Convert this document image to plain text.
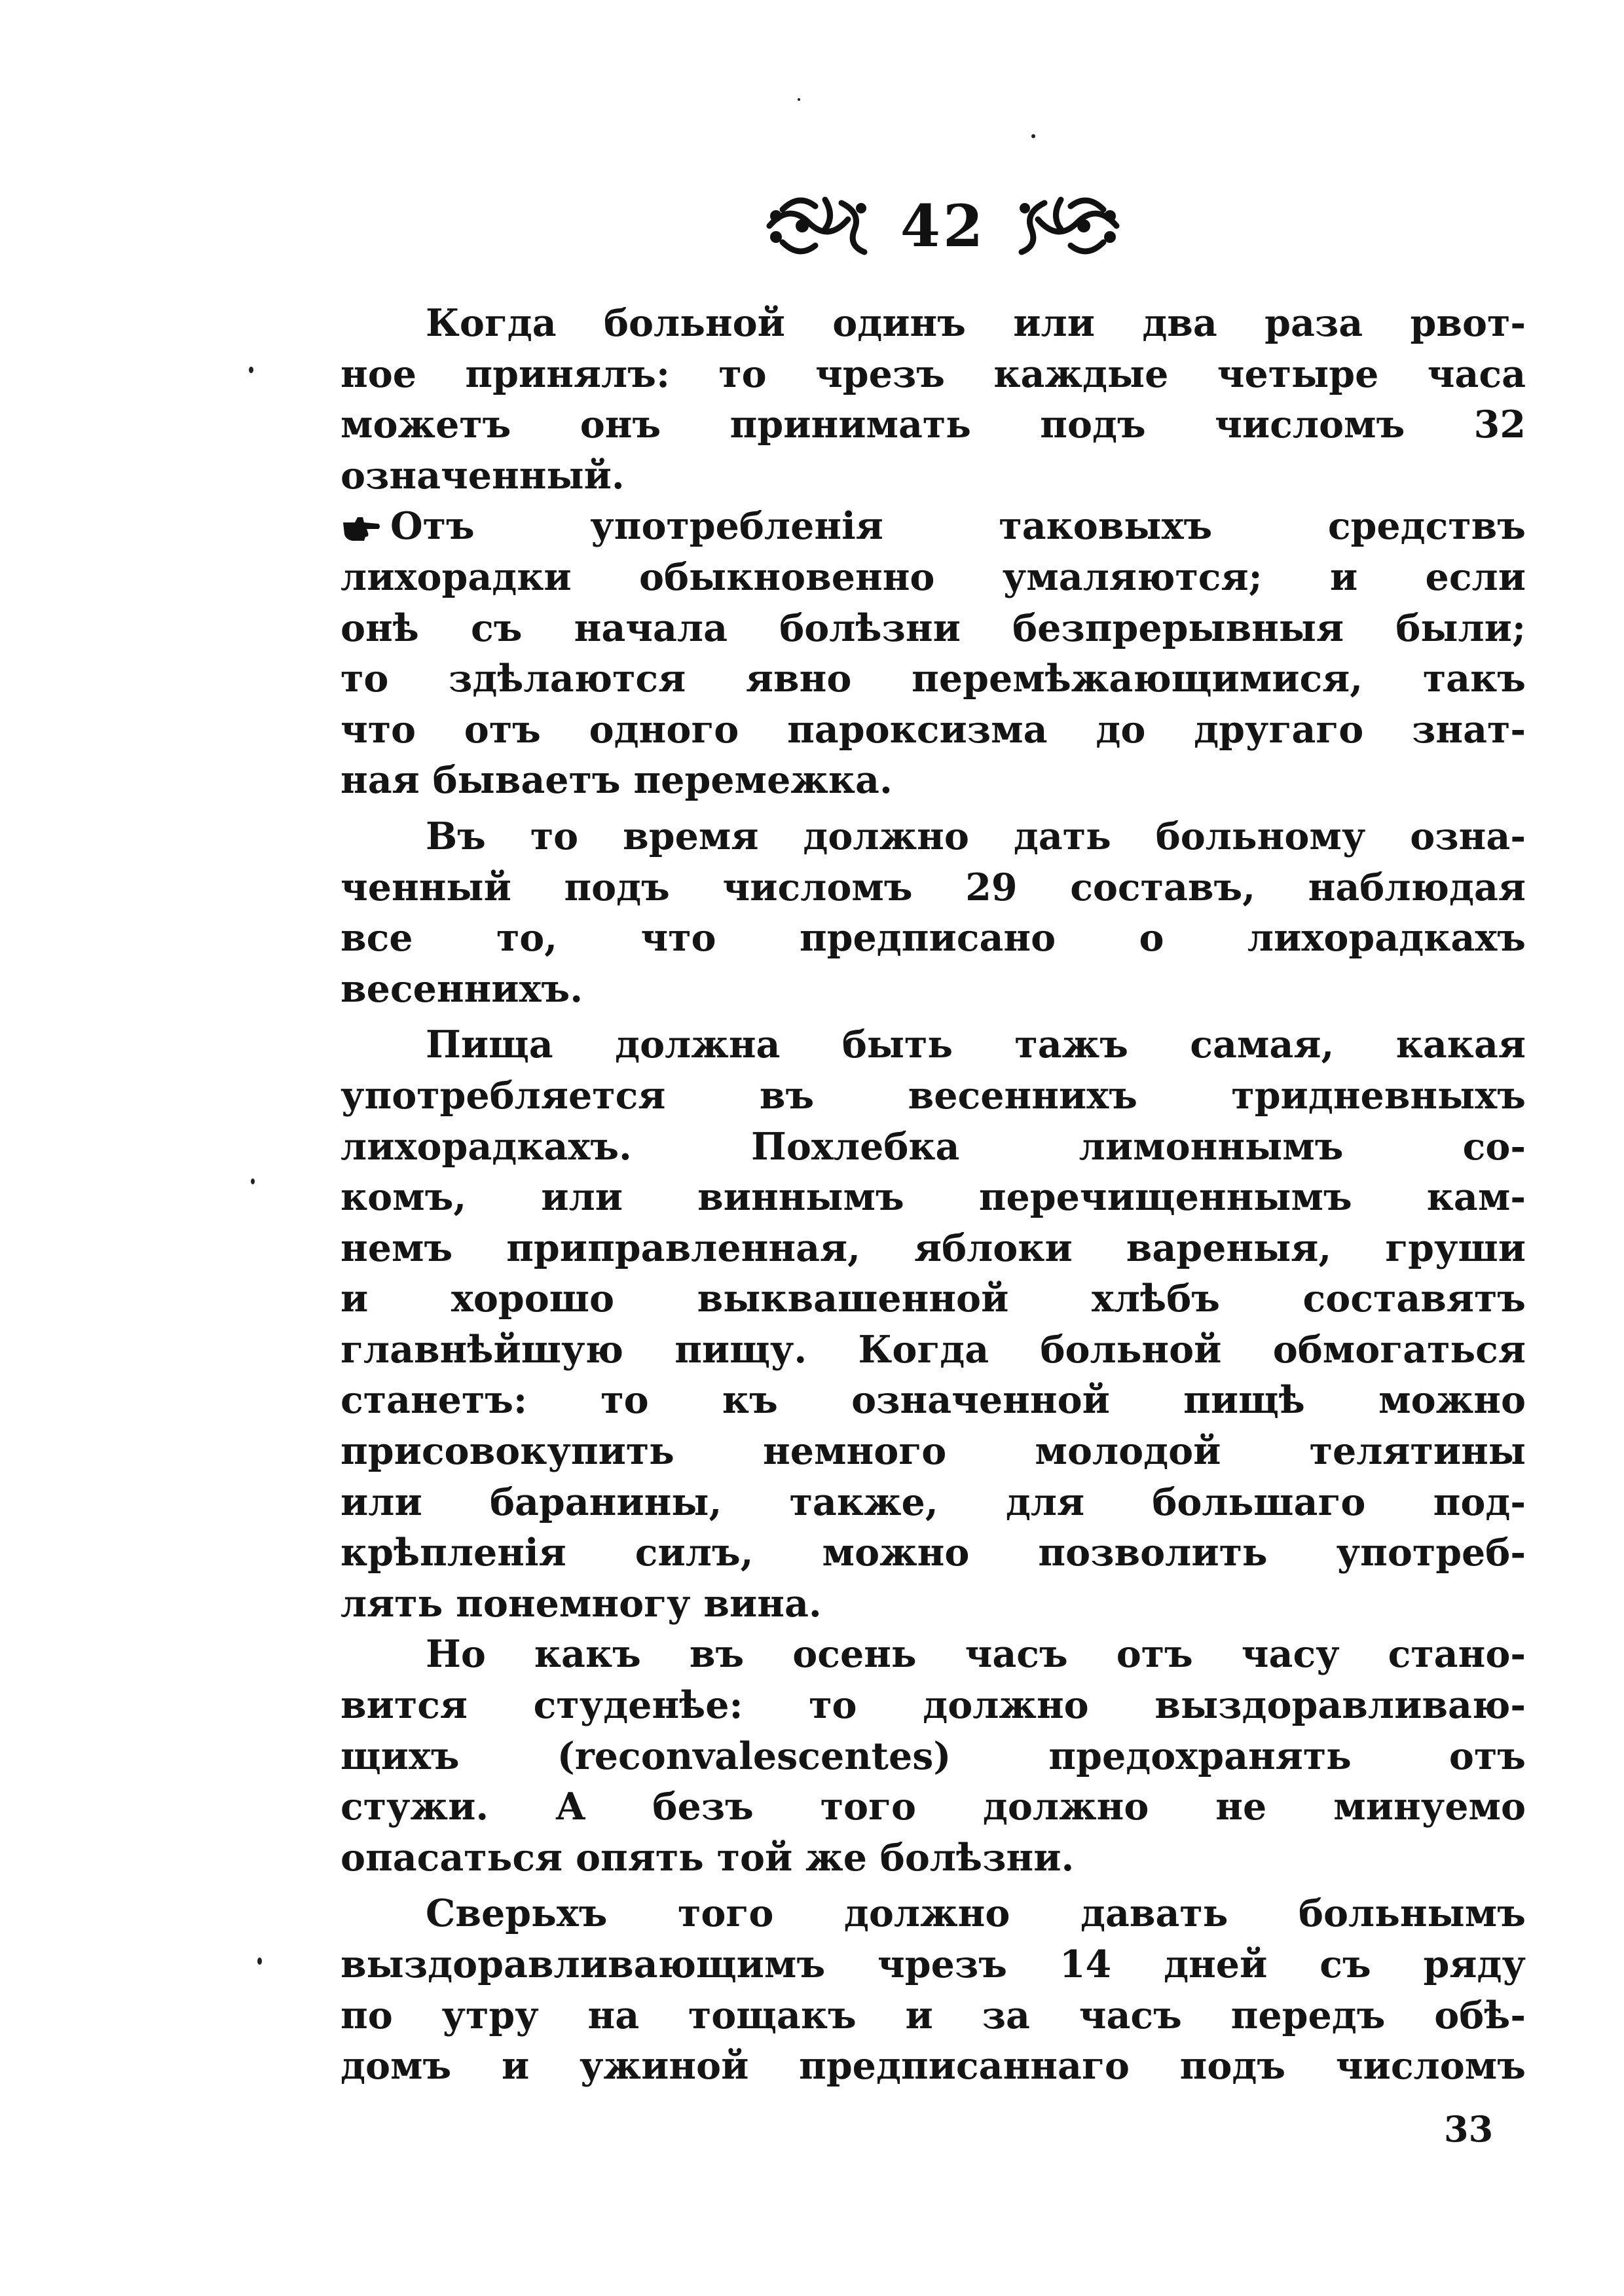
42
Когда больной одинъ или два раза рвот-
ное принялъ: то чрезъ каждые четыре часа
можетъ онъ принимать подъ числомъ 32
означенный.
Отъ употребленія таковыхъ средствъ
лихорадки обыкновенно умаляются; и если
онѣ съ начала болѣзни безпрерывныя были;
то здѣлаются явно перемѣжающимися, такъ
что отъ одного пароксизма до другаго знат-
ная бываетъ перемежка.
Въ то время должно дать больному озна-
ченный подъ числомъ 29 составъ, наблюдая
все то, что предписано о лихорадкахъ
весеннихъ.
Пища должна быть тажъ самая, какая
употребляется въ весеннихъ тридневныхъ
лихорадкахъ. Похлебка лимоннымъ со-
комъ, или виннымъ перечищеннымъ кам-
немъ приправленная, яблоки вареныя, груши
и хорошо выквашенной хлѣбъ составятъ
главнѣйшую пищу. Когда больной обмогаться
станетъ: то къ означенной пищѣ можно
присовокупить немного молодой телятины
или баранины, также, для большаго под-
крѣпленія силъ, можно позволить употреб-
лять понемногу вина.
Но какъ въ осень часъ отъ часу стано-
вится студенѣе: то должно выздоравливаю-
щихъ (reconvalescentes) предохранять отъ
стужи. А безъ того должно не минуемо
опасаться опять той же болѣзни.
Сверьхъ того должно давать больнымъ
выздоравливающимъ чрезъ 14 дней съ ряду
по утру на тощакъ и за часъ передъ обѣ-
домъ и ужиной предписаннаго подъ числомъ
33
